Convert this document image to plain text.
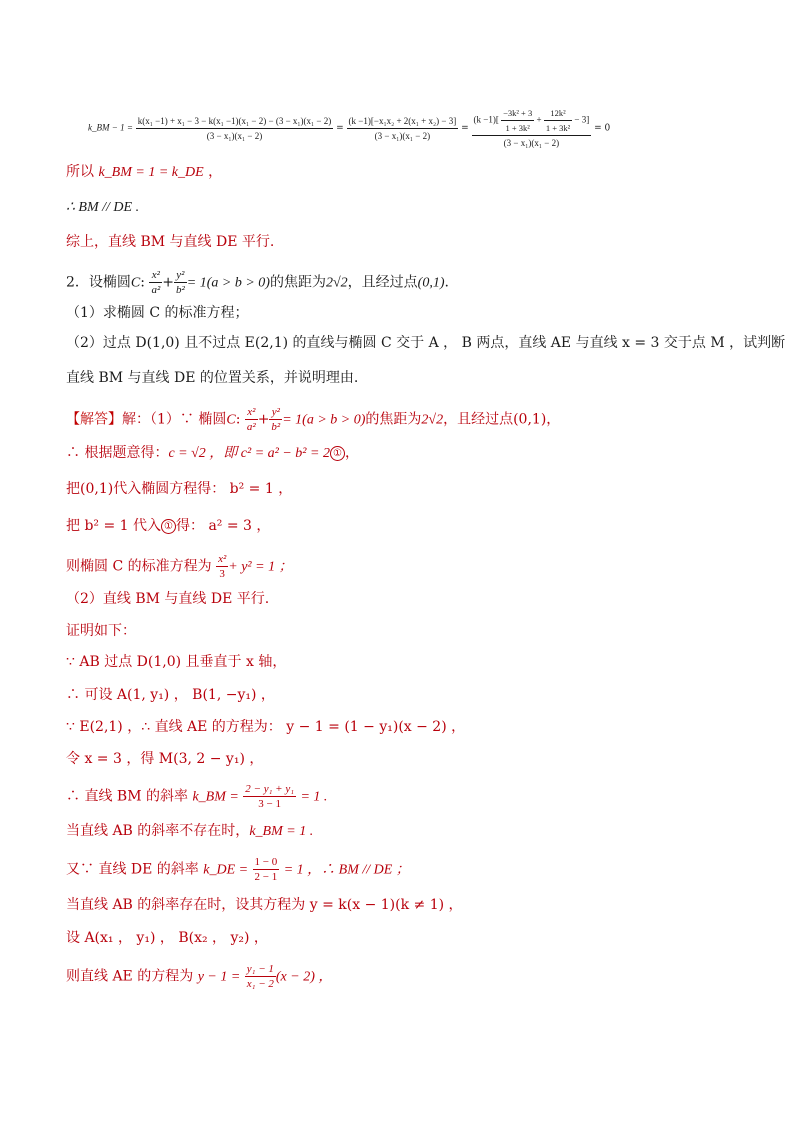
k_BM − $1 = \frac{\text{k(x₁ −1) + x₁ − 3 − k(x₁ −1)(x₁ − 2) − (3 − x₁)(x₁ − 2)}}{\text{(3 − x₁)(x₁ − 2)}} = \frac{\text{(k −1)[−x₁x₂ + 2(x₁ + x₂) − 3]}}{\text{(3 − x₁)(x₁ − 2)}}$ =
$(k -1)[ \frac{\text{−3k² + 3}}{\text{1 + 3k²}} + \frac{\text{12k²}}{\text{1 + 3k²}} - 3]$
(3 − x₁)(x₁ − 2)
= 0
所以 k_BM = 1 = k_DE ，
∴ BM // DE .
综上，直线 BM 与直线 DE 平行.
2．设椭圆C: $\frac{\text{x²}}{\text{a²}} + \frac{\text{y²}}{\text{b²}} = 1(a > b > 0)$的焦距为2√2，且经过点(0,1).
（1）求椭圆 C 的标准方程；
（2）过点 D(1,0) 且不过点 E(2,1) 的直线与椭圆 C 交于 A ， B 两点，直线 AE 与直线 x = 3 交于点 M ，试判断
直线 BM 与直线 DE 的位置关系，并说明理由.
【解答】解：（1）∵ 椭圆C: $\frac{\text{x²}}{\text{a²}} + \frac{\text{y²}}{\text{b²}} = 1(a > b > 0)$的焦距为2√2，且经过点(0,1)，
∴ 根据题意得：c = √2 ，即 c² = a² − b² = 2 ① ，
把(0,1)代入椭圆方程得： b² = 1 ，
把 b² = 1 代入 ① 得： a² = 3 ，
则椭圆 C 的标准方程为 $\frac{\text{x²}}{3} + y^2 = 1$ ；
（2）直线 BM 与直线 DE 平行.
证明如下：
∵ AB 过点 D(1,0) 且垂直于 x 轴，
∴ 可设 A(1, y₁) ， B(1, −y₁) ，
∵ E(2,1) ，∴ 直线 AE 的方程为： y − 1 = (1 − y₁)(x − 2) ，
令 x = 3 ，得 M(3, 2 − y₁) ，
∴ 直线 BM 的斜率 k_BM = $\frac{\text{2 − y₁ + y₁}}{3 - 1} = 1$ .
当直线 AB 的斜率不存在时，k_BM = 1 .
又∵ 直线 DE 的斜率 k_DE = $\frac{1 - 0}{2 - 1} = 1$ ，∴ BM // DE ；
当直线 AB 的斜率存在时，设其方程为 y = k(x − 1)(k ≠ 1) ，
设 A(x₁ ， y₁) ， B(x₂ ， y₂) ，
则直线 AE 的方程为 $y - 1 = \frac{\text{y₁ − 1}}{\text{x₁ − 2}} (x - 2)$ ，
